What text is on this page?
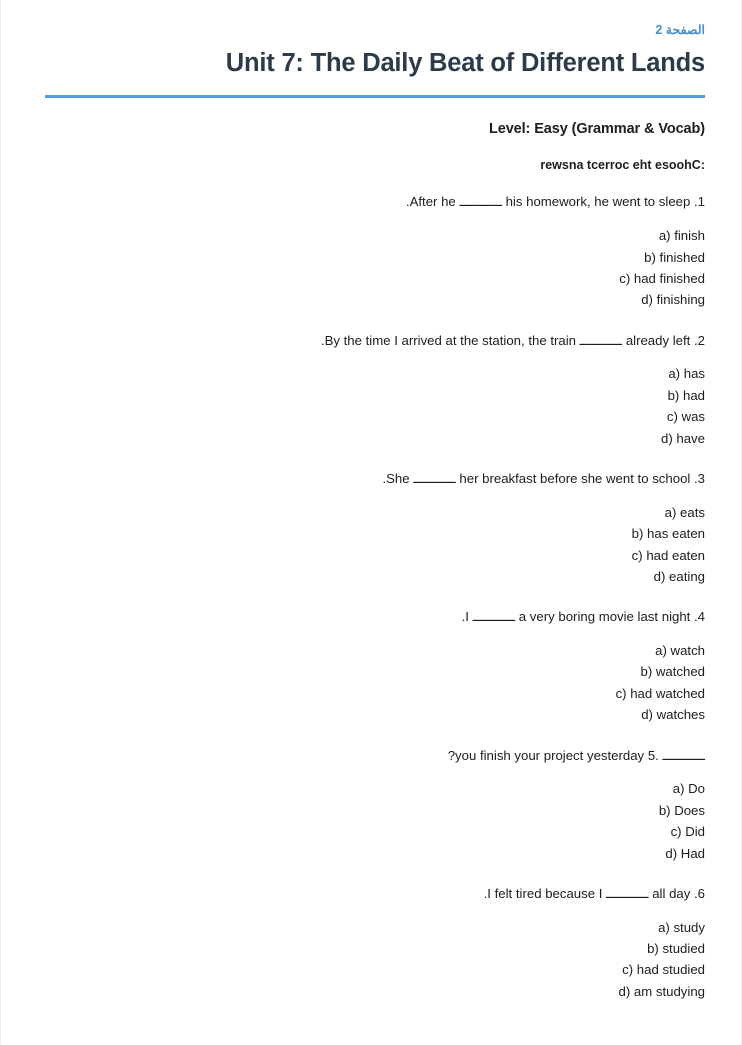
الصفحة 2
Unit 7: The Daily Beat of Different Lands
Level: Easy (Grammar & Vocab)
:Choose the correct answer
.After he ـــــــــــ his homework, he went to sleep .1
a) finish
b) finished
c) had finished
d) finishing
.By the time I arrived at the station, the train ـــــــــــ already left .2
a) has
b) had
c) was
d) have
.She ـــــــــــ her breakfast before she went to school .3
a) eats
b) has eaten
c) had eaten
d) eating
.I ـــــــــــ a very boring movie last night .4
a) watch
b) watched
c) had watched
d) watches
?you finish your project yesterday ـــــــــــ .5
a) Do
b) Does
c) Did
d) Had
.I felt tired because I ـــــــــــ all day .6
a) study
b) studied
c) had studied
d) am studying
